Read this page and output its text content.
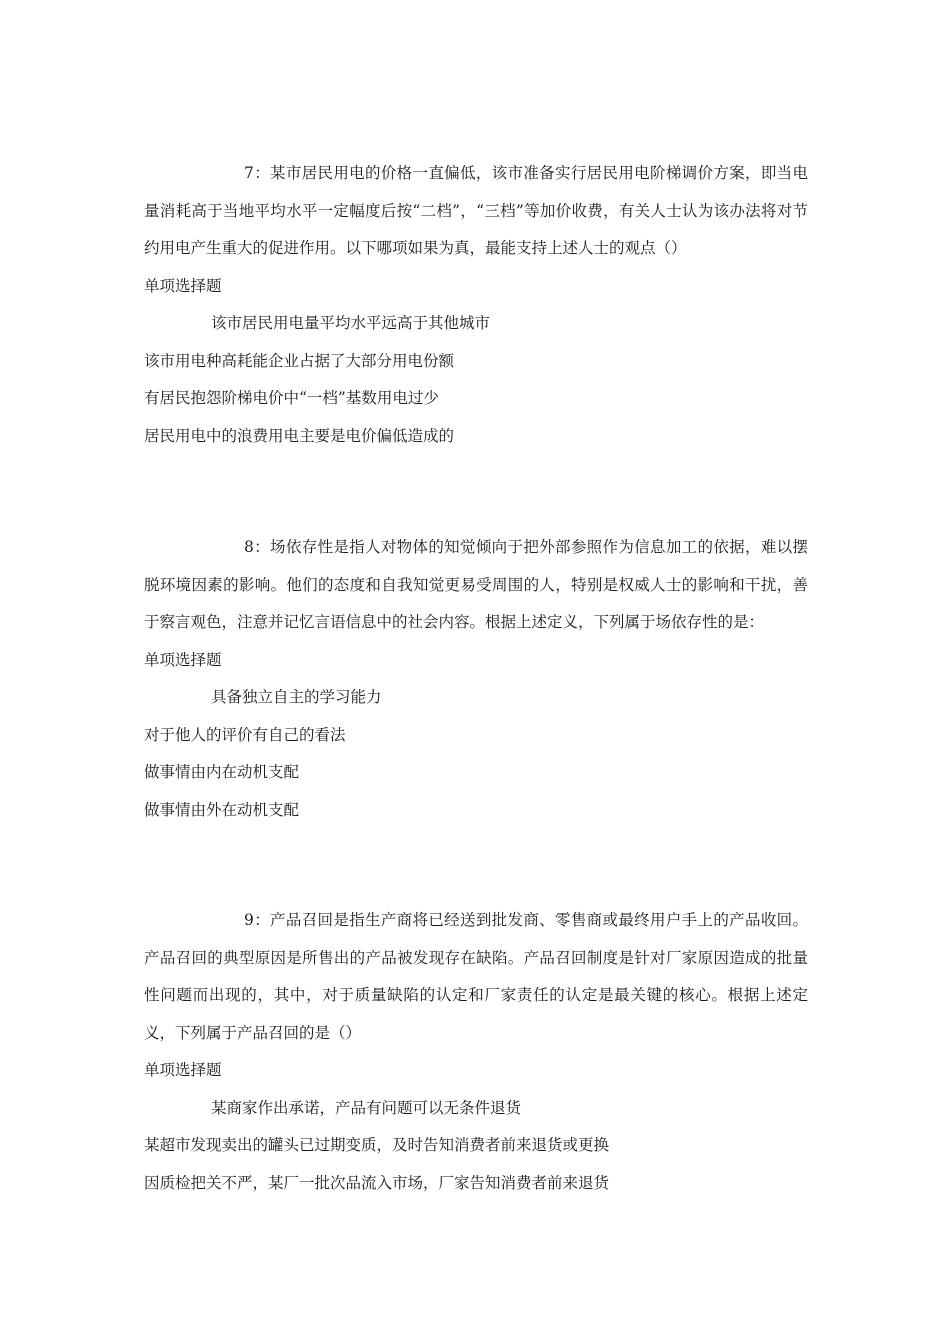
7：某市居民用电的价格一直偏低，该市准备实行居民用电阶梯调价方案，即当电量消耗高于当地平均水平一定幅度后按“二档”，“三档”等加价收费，有关人士认为该办法将对节约用电产生重大的促进作用。以下哪项如果为真，最能支持上述人士的观点（）

单项选择题

该市居民用电量平均水平远高于其他城市

该市用电种高耗能企业占据了大部分用电份额

有居民抱怨阶梯电价中“一档”基数用电过少

居民用电中的浪费用电主要是电价偏低造成的

8：场依存性是指人对物体的知觉倾向于把外部参照作为信息加工的依据，难以摆脱环境因素的影响。他们的态度和自我知觉更易受周围的人，特别是权威人士的影响和干扰，善于察言观色，注意并记忆言语信息中的社会内容。根据上述定义，下列属于场依存性的是：

单项选择题

具备独立自主的学习能力

对于他人的评价有自己的看法

做事情由内在动机支配

做事情由外在动机支配

9：产品召回是指生产商将已经送到批发商、零售商或最终用户手上的产品收回。产品召回的典型原因是所售出的产品被发现存在缺陷。产品召回制度是针对厂家原因造成的批量性问题而出现的，其中，对于质量缺陷的认定和厂家责任的认定是最关键的核心。根据上述定义，下列属于产品召回的是（）

单项选择题

某商家作出承诺，产品有问题可以无条件退货

某超市发现卖出的罐头已过期变质，及时告知消费者前来退货或更换

因质检把关不严，某厂一批次品流入市场，厂家告知消费者前来退货
